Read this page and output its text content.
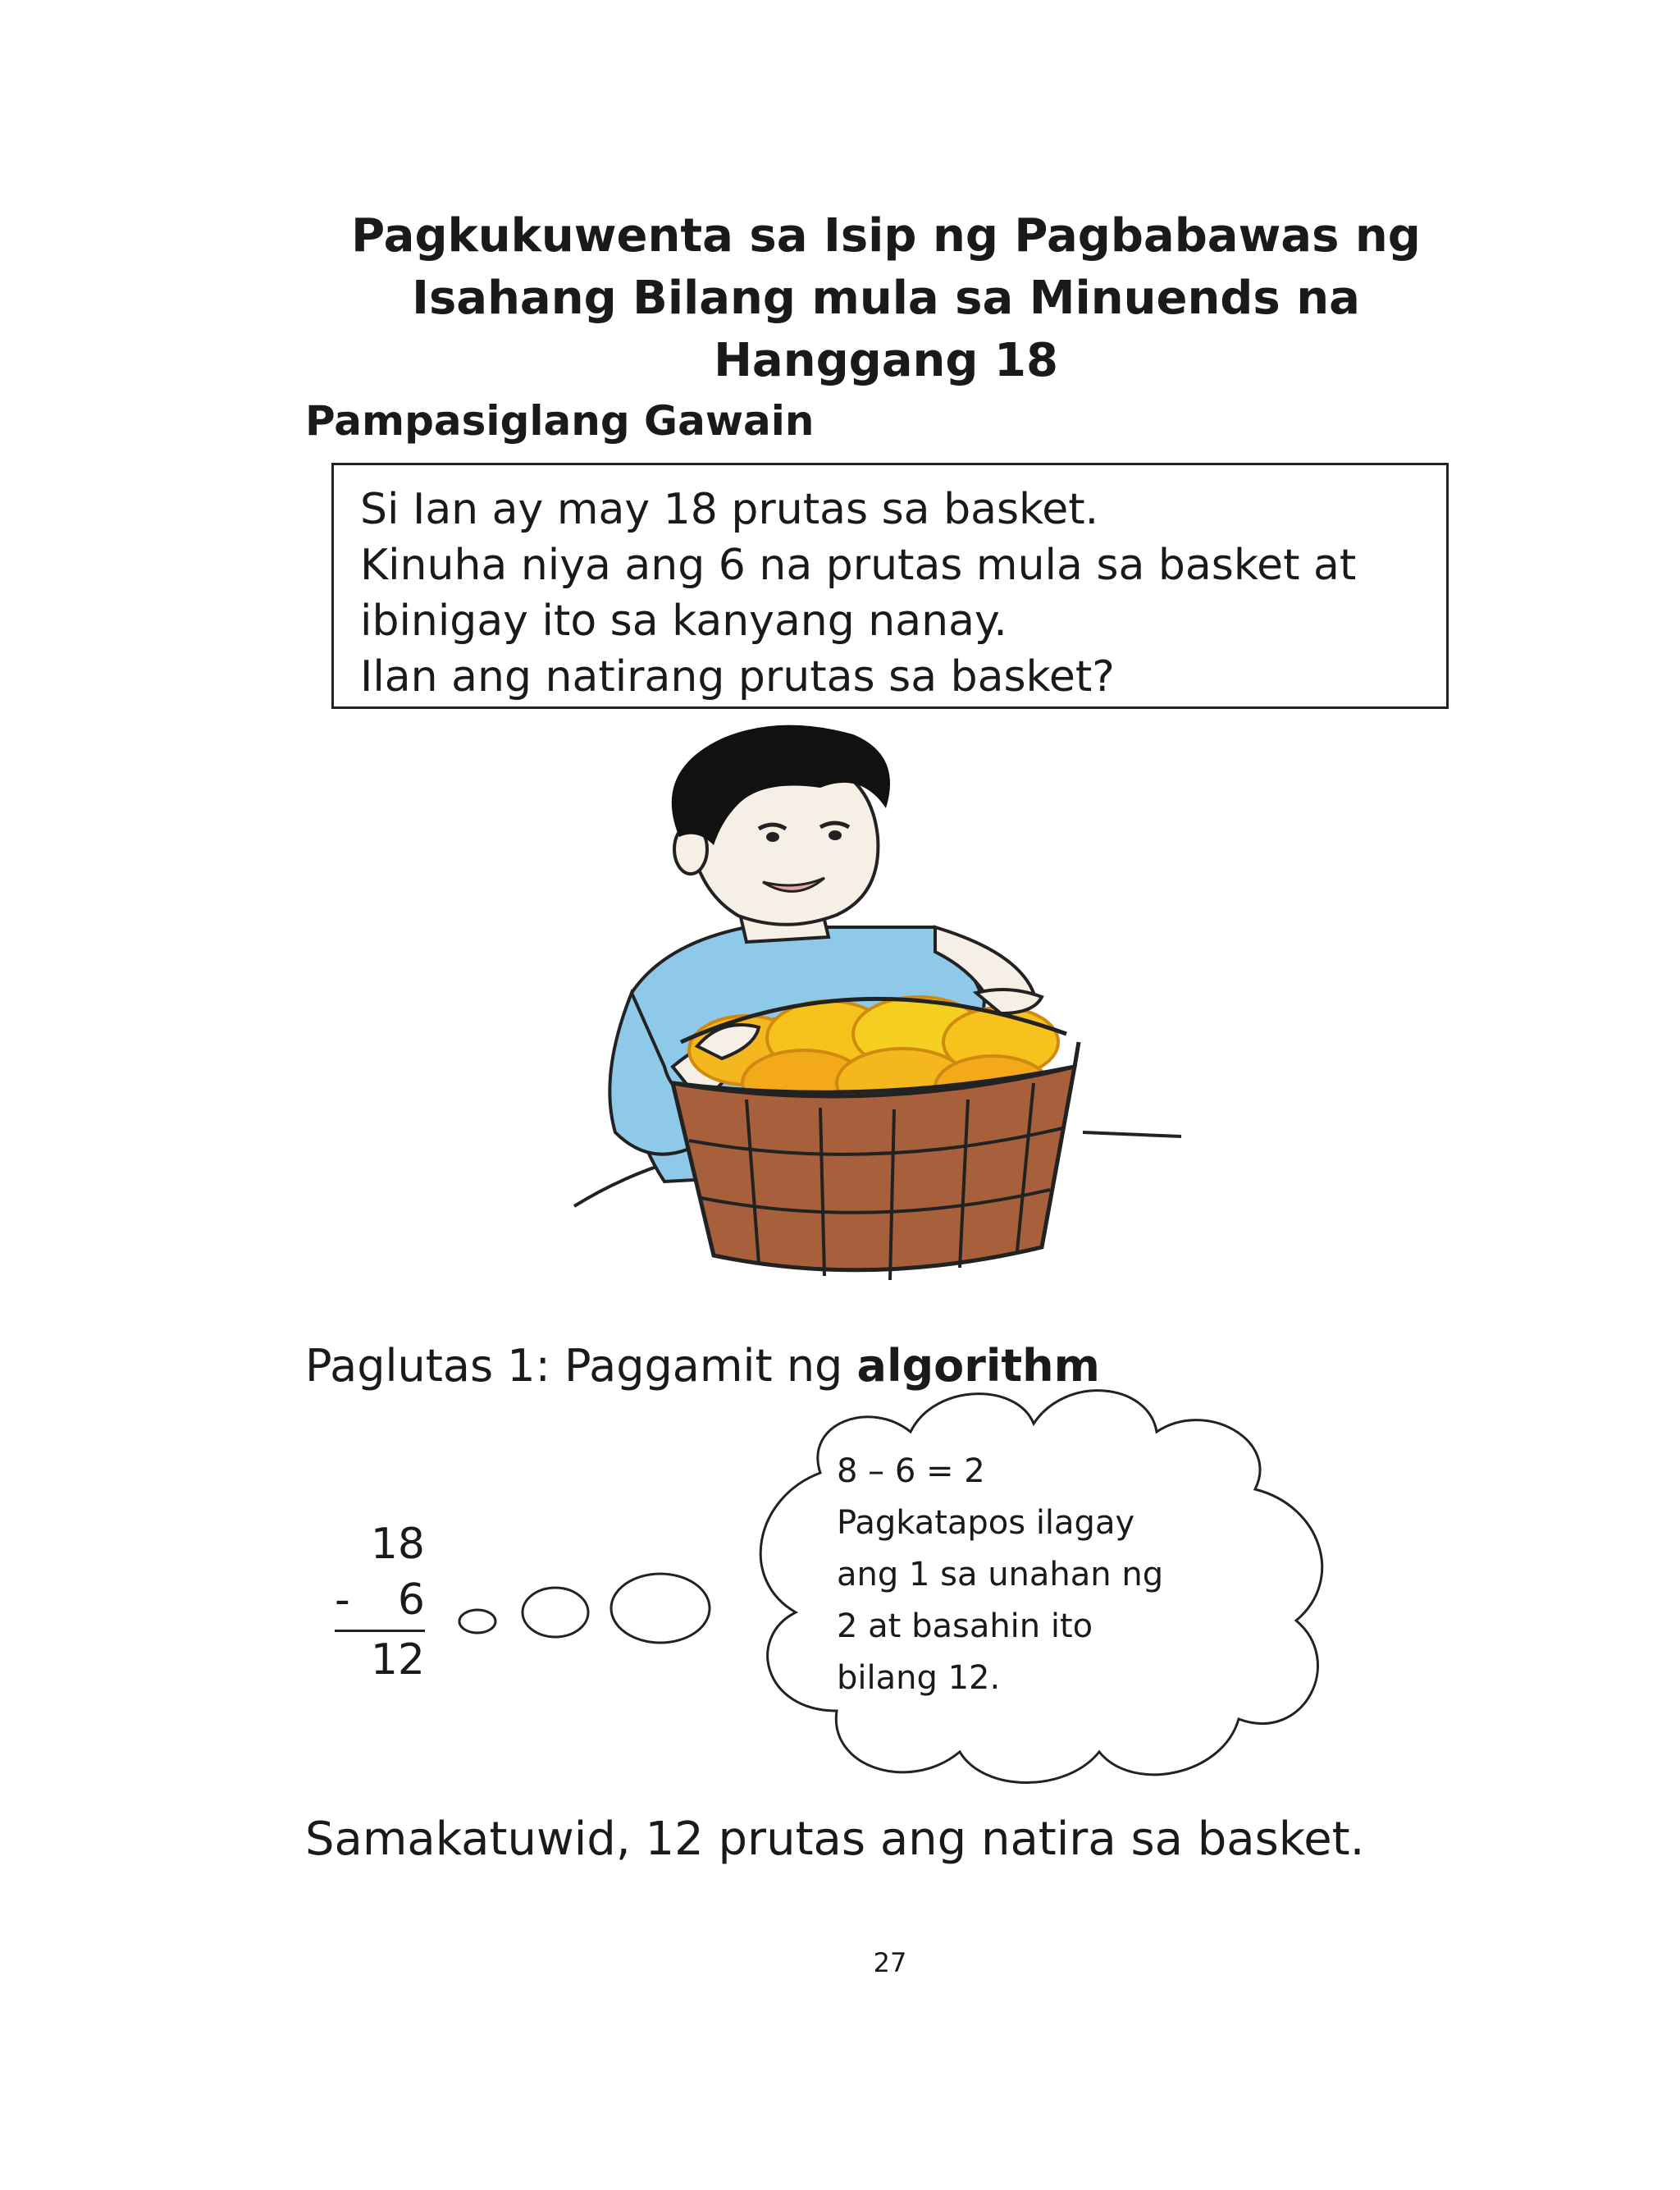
Pagkukuwenta sa Isip ng Pagbabawas ng
Isahang Bilang mula sa Minuends na
Hanggang 18
Pampasiglang Gawain

Si Ian ay may 18 prutas sa basket.

Kinuha niya ang 6 na prutas mula sa basket at

ibinigay ito sa kanyang nanay.

Ilan ang natirang prutas sa basket?

Paglutas 1: Paggamit ng algorithm

18
- 6
12

8 – 6 = 2

Pagkatapos ilagay

ang 1 sa unahan ng

2 at basahin ito

bilang 12.

Samakatuwid, 12 prutas ang natira sa basket.

27
